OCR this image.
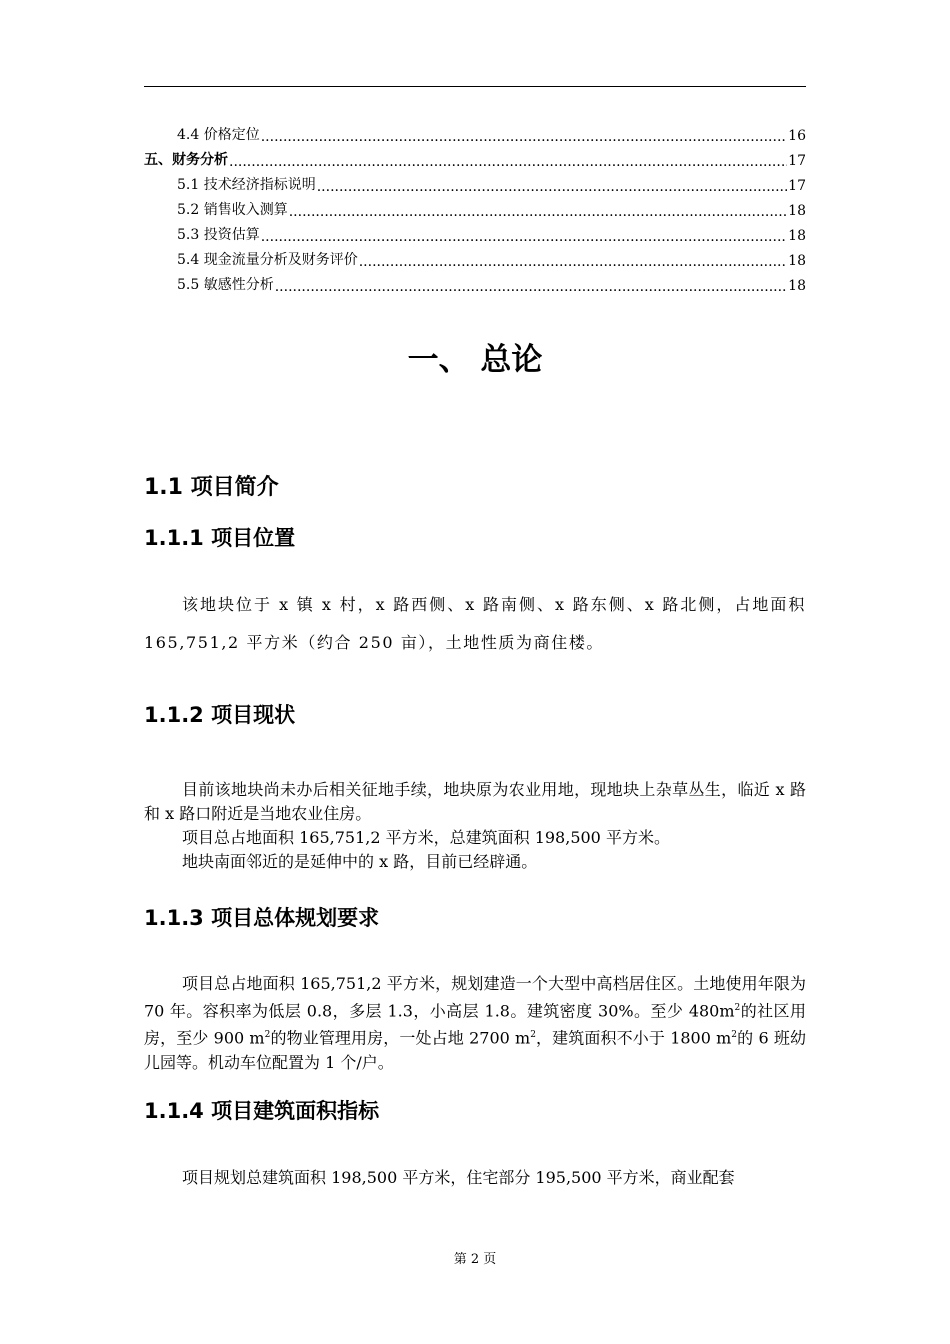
4.4 价格定位 .....	16
五、财务分析 .....	17
5.1 技术经济指标说明 .....	17
5.2 销售收入测算 .....	18
5.3 投资估算 .....	18
5.4 现金流量分析及财务评价 .....	18
5.5 敏感性分析 .....	18
一、 总论
1.1 项目简介
1.1.1 项目位置
该地块位于 x 镇 x 村，x 路西侧、x 路南侧、x 路东侧、x 路北侧，占地面积 165,751,2 平方米（约合 250 亩），土地性质为商住楼。
1.1.2 项目现状
目前该地块尚未办后相关征地手续，地块原为农业用地，现地块上杂草丛生，临近 x 路和 x 路口附近是当地农业住房。
项目总占地面积 165,751,2 平方米，总建筑面积 198,500 平方米。
地块南面邻近的是延伸中的 x 路，目前已经辟通。
1.1.3 项目总体规划要求
项目总占地面积 165,751,2 平方米，规划建造一个大型中高档居住区。土地使用年限为 70 年。容积率为低层 0.8，多层 1.3，小高层 1.8。建筑密度 30%。至少 $480m^2$的社区用房，至少 900 $m^2$的物业管理用房，一处占地 2700 $m^2$，建筑面积不小于 1800 $m^2$的 6 班幼儿园等。机动车位配置为 1 个/户。
1.1.4 项目建筑面积指标
项目规划总建筑面积 198,500 平方米，住宅部分 195,500 平方米，商业配套
第 2 页
